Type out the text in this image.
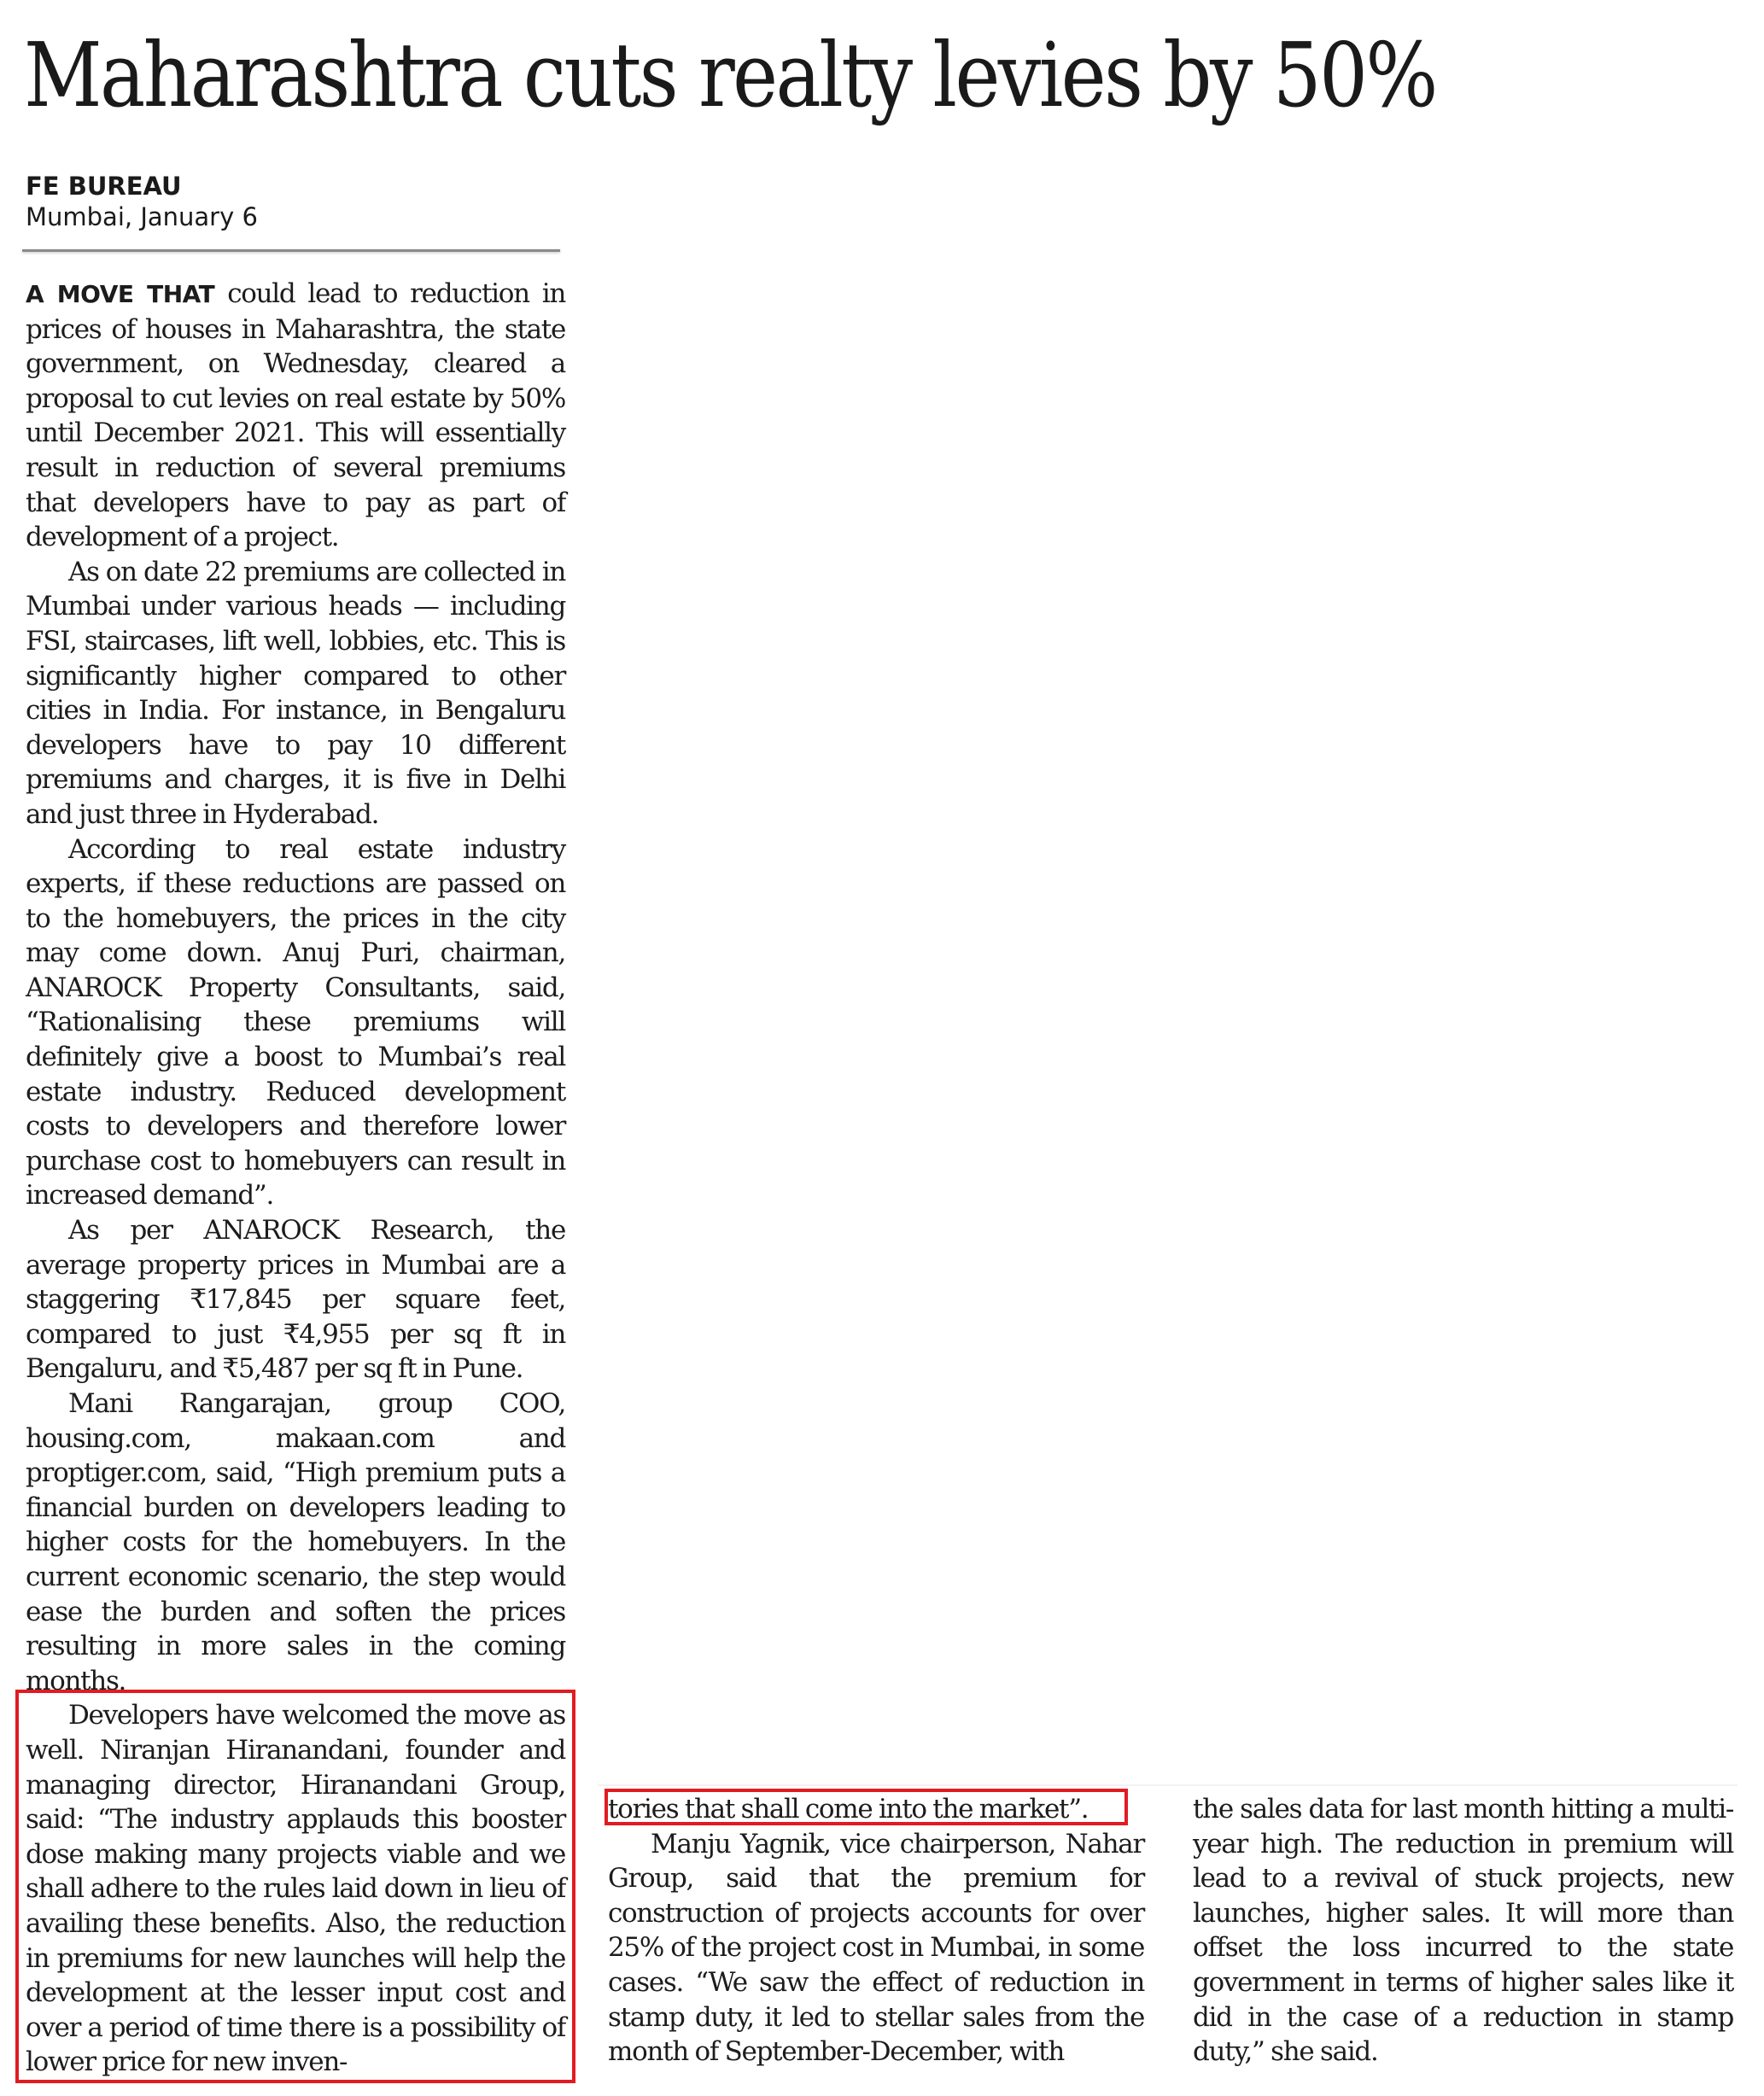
Maharashtra cuts realty levies by 50%
FE BUREAU
Mumbai, January 6

A MOVE THAT could lead to reduction in prices of houses in Maharashtra, the state government, on Wednesday, cleared a proposal to cut levies on real estate by 50% until December 2021. This will essentially result in reduction of several premiums that developers have to pay as part of development of a project.

As on date 22 premiums are collected in Mumbai under various heads — including FSI, staircases, lift well, lobbies, etc. This is significantly higher compared to other cities in India. For instance, in Bengaluru developers have to pay 10 different premiums and charges, it is five in Delhi and just three in Hyderabad.

According to real estate industry experts, if these reductions are passed on to the homebuyers, the prices in the city may come down. Anuj Puri, chairman, ANAROCK Property Consultants, said, “Rationalising these premiums will definitely give a boost to Mumbai’s real estate industry. Reduced development costs to developers and therefore lower purchase cost to homebuyers can result in increased demand”.

As per ANAROCK Research, the average property prices in Mumbai are a staggering ₹17,845 per square feet, compared to just ₹4,955 per sq ft in Bengaluru, and ₹5,487 per sq ft in Pune.

Mani Rangarajan, group COO, housing.com, makaan.com and proptiger.com, said, “High premium puts a financial burden on developers leading to higher costs for the homebuyers. In the current economic scenario, the step would ease the burden and soften the prices resulting in more sales in the coming months.

Developers have welcomed the move as well. Niranjan Hiranandani, founder and managing director, Hiranandani Group, said: “The industry applauds this booster dose making many projects viable and we shall adhere to the rules laid down in lieu of availing these benefits. Also, the reduction in premiums for new launches will help the development at the lesser input cost and over a period of time there is a possibility of lower price for new inven-

tories that shall come into the market”.

Manju Yagnik, vice chairperson, Nahar Group, said that the premium for construction of projects accounts for over 25% of the project cost in Mumbai, in some cases. “We saw the effect of reduction in stamp duty, it led to stellar sales from the month of September-December, with

the sales data for last month hitting a multi-year high. The reduction in premium will lead to a revival of stuck projects, new launches, higher sales. It will more than offset the loss incurred to the state government in terms of higher sales like it did in the case of a reduction in stamp duty,” she said.
